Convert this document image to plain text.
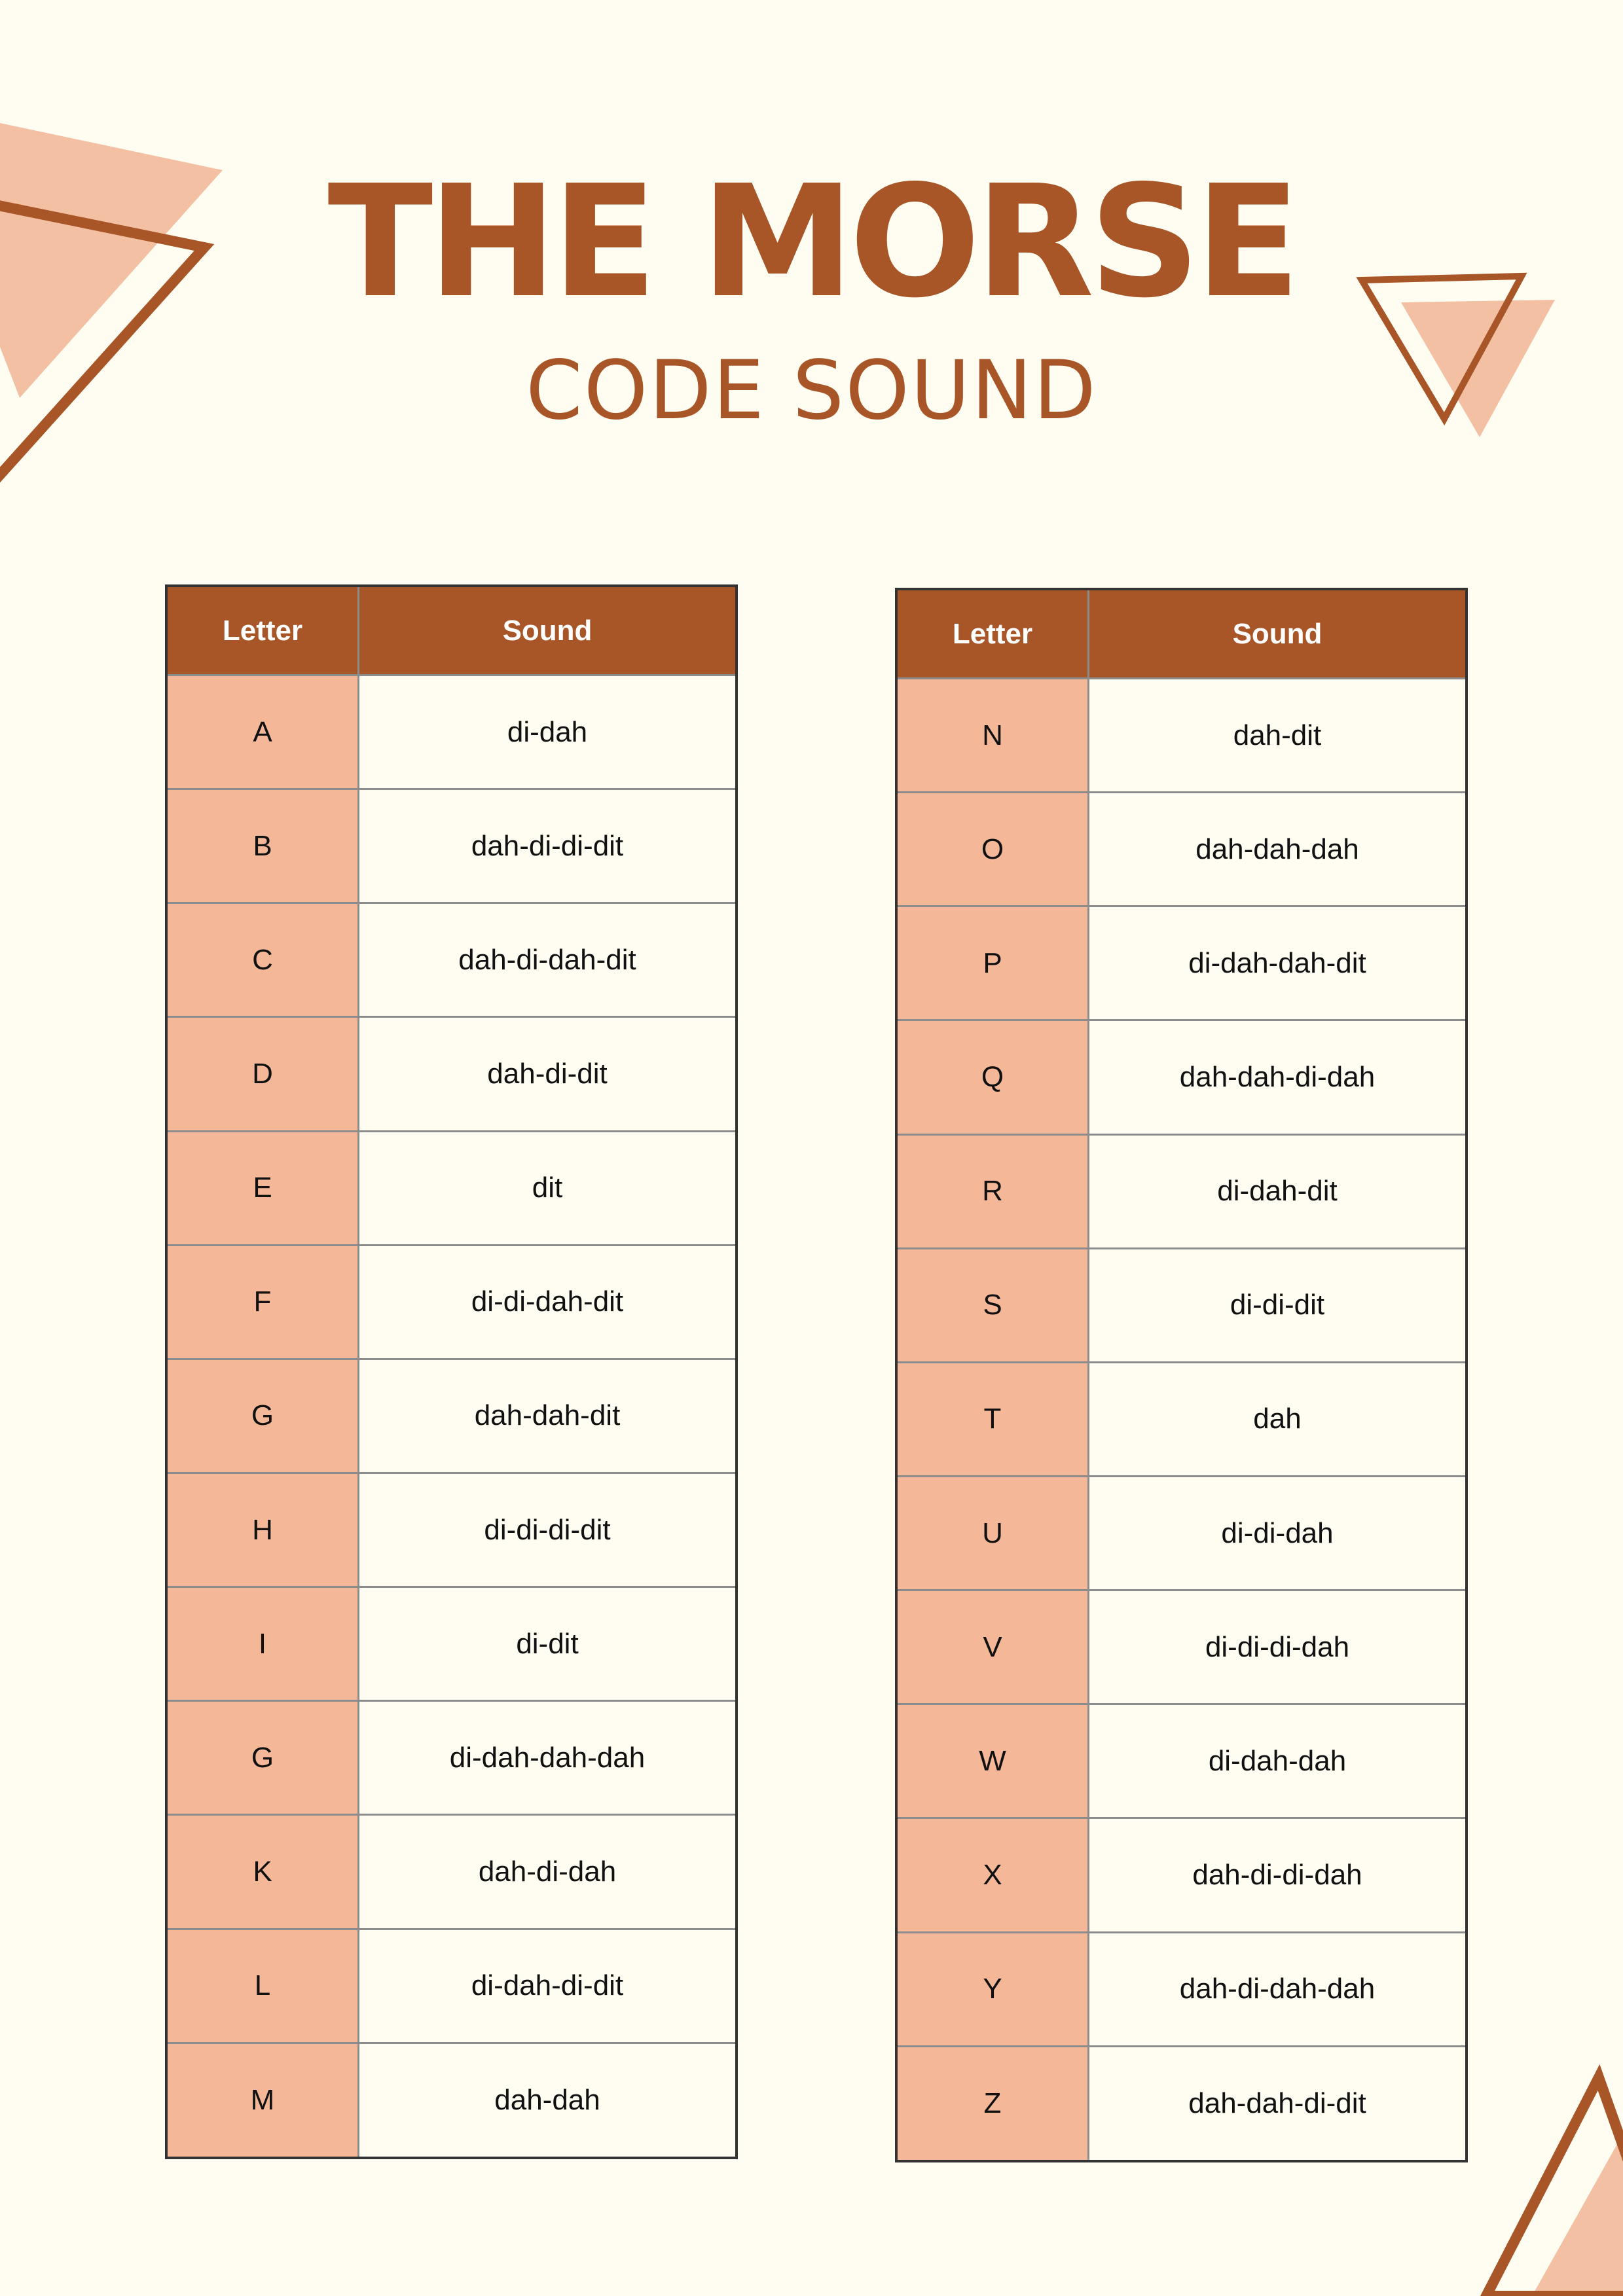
THE MORSE
CODE SOUND
Letter	Sound
A	di-dah
B	dah-di-di-dit
C	dah-di-dah-dit
D	dah-di-dit
E	dit
F	di-di-dah-dit
G	dah-dah-dit
H	di-di-di-dit
I	di-dit
G	di-dah-dah-dah
K	dah-di-dah
L	di-dah-di-dit
M	dah-dah
Letter	Sound
N	dah-dit
O	dah-dah-dah
P	di-dah-dah-dit
Q	dah-dah-di-dah
R	di-dah-dit
S	di-di-dit
T	dah
U	di-di-dah
V	di-di-di-dah
W	di-dah-dah
X	dah-di-di-dah
Y	dah-di-dah-dah
Z	dah-dah-di-dit
